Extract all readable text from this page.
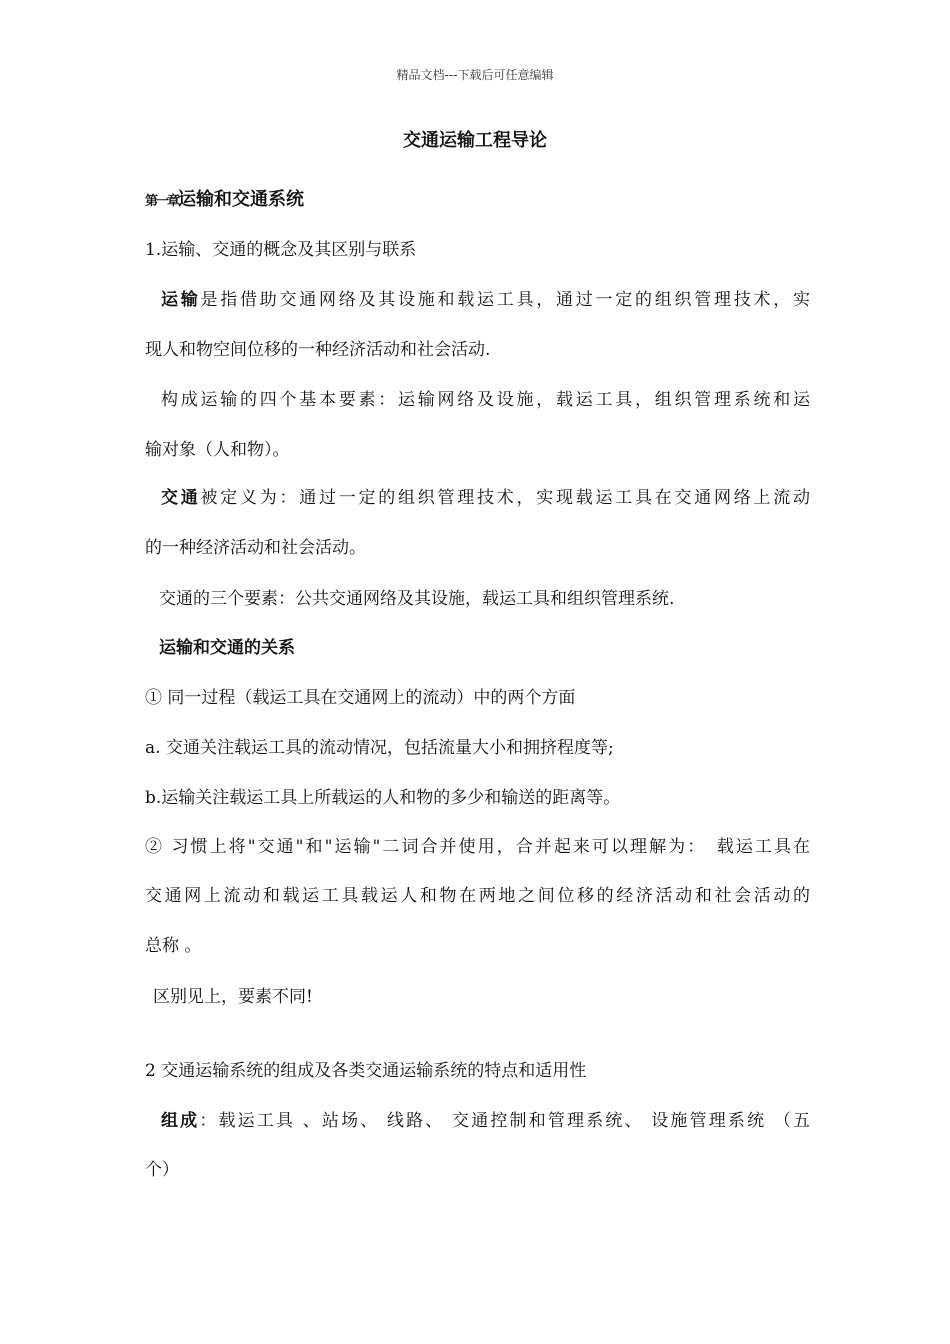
精品文档---下载后可任意编辑
交通运输工程导论
第一章运输和交通系统
1.运输、交通的概念及其区别与联系
运输是指借助交通网络及其设施和载运工具，通过一定的组织管理技术，实
现人和物空间位移的一种经济活动和社会活动.
构成运输的四个基本要素：运输网络及设施，载运工具，组织管理系统和运
输对象（人和物）。
交通被定义为：通过一定的组织管理技术，实现载运工具在交通网络上流动
的一种经济活动和社会活动。
交通的三个要素：公共交通网络及其设施，载运工具和组织管理系统.
运输和交通的关系
① 同一过程（载运工具在交通网上的流动）中的两个方面
a. 交通关注载运工具的流动情况，包括流量大小和拥挤程度等;
b.运输关注载运工具上所载运的人和物的多少和输送的距离等。
② 习惯上将"交通"和"运输"二词合并使用，合并起来可以理解为：　载运工具在
交通网上流动和载运工具载运人和物在两地之间位移的经济活动和社会活动的
总称 。
区别见上，要素不同!
2 交通运输系统的组成及各类交通运输系统的特点和适用性
组成：载运工具 、站场、 线路、 交通控制和管理系统、 设施管理系统 （五
个）
